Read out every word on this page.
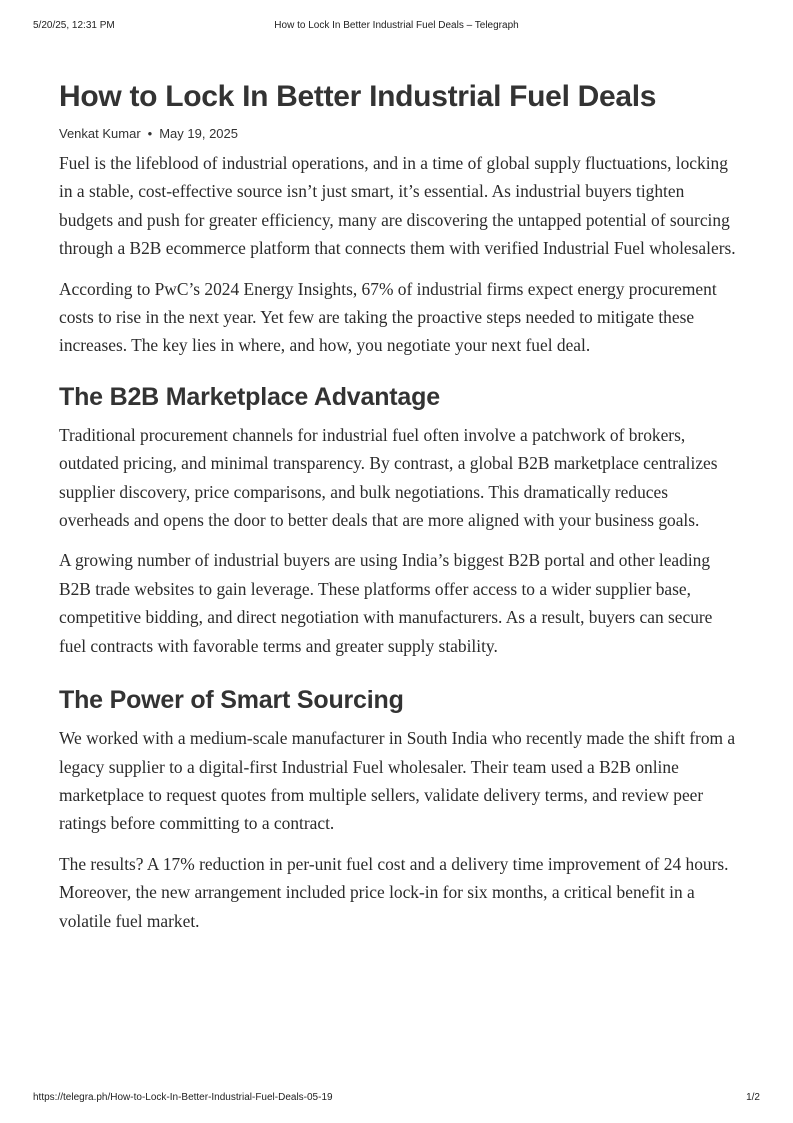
5/20/25, 12:31 PM	How to Lock In Better Industrial Fuel Deals – Telegraph
How to Lock In Better Industrial Fuel Deals
Venkat Kumar • May 19, 2025

Fuel is the lifeblood of industrial operations, and in a time of global supply fluctuations, locking in a stable, cost-effective source isn’t just smart, it’s essential. As industrial buyers tighten budgets and push for greater efficiency, many are discovering the untapped potential of sourcing through a B2B ecommerce platform that connects them with verified Industrial Fuel wholesalers.

According to PwC’s 2024 Energy Insights, 67% of industrial firms expect energy procurement costs to rise in the next year. Yet few are taking the proactive steps needed to mitigate these increases. The key lies in where, and how, you negotiate your next fuel deal.

The B2B Marketplace Advantage

Traditional procurement channels for industrial fuel often involve a patchwork of brokers, outdated pricing, and minimal transparency. By contrast, a global B2B marketplace centralizes supplier discovery, price comparisons, and bulk negotiations. This dramatically reduces overheads and opens the door to better deals that are more aligned with your business goals.

A growing number of industrial buyers are using India’s biggest B2B portal and other leading B2B trade websites to gain leverage. These platforms offer access to a wider supplier base, competitive bidding, and direct negotiation with manufacturers. As a result, buyers can secure fuel contracts with favorable terms and greater supply stability.

The Power of Smart Sourcing

We worked with a medium-scale manufacturer in South India who recently made the shift from a legacy supplier to a digital-first Industrial Fuel wholesaler. Their team used a B2B online marketplace to request quotes from multiple sellers, validate delivery terms, and review peer ratings before committing to a contract.

The results? A 17% reduction in per-unit fuel cost and a delivery time improvement of 24 hours. Moreover, the new arrangement included price lock-in for six months, a critical benefit in a volatile fuel market.

https://telegra.ph/How-to-Lock-In-Better-Industrial-Fuel-Deals-05-19	1/2
